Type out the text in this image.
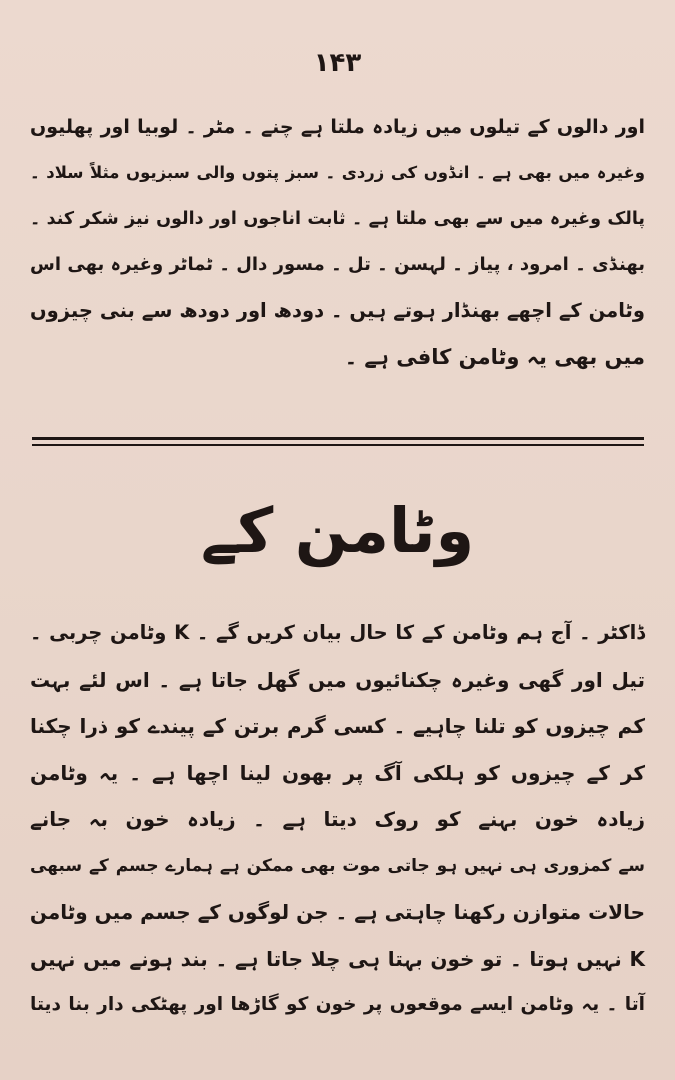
۱۴۳
اور دالوں کے تیلوں میں زیادہ ملتا ہے چنے ۔ مٹر ۔ لوبیا اور پھلیوں
وغیرہ میں بھی ہے ۔ انڈوں کی زردی ۔ سبز پتوں والی سبزیوں مثلاً سلاد ۔
پالک وغیرہ میں سے بھی ملتا ہے ۔ ثابت اناجوں اور دالوں نیز شکر کند ۔
بھنڈی ۔ امرود ، پیاز ۔ لہسن ۔ تل ۔ مسور دال ۔ ٹماٹر وغیرہ بھی اس
وٹامن کے اچھے بھنڈار ہوتے ہیں ۔ دودھ اور دودھ سے بنی چیزوں
میں بھی یہ وٹامن کافی ہے ۔
وٹامن کے
ڈاکٹر ۔ آج ہم وٹامن کے کا حال بیان کریں گے ۔ K وٹامن چربی ۔
تیل اور گھی وغیرہ چکنائیوں میں گھل جاتا ہے ۔ اس لئے بہت
کم چیزوں کو تلنا چاہیے ۔ کسی گرم برتن کے پیندے کو ذرا چکنا
کر کے چیزوں کو ہلکی آگ پر بھون لینا اچھا ہے ۔ یہ وٹامن
زیادہ خون بہنے کو روک دیتا ہے ۔ زیادہ خون بہ جانے
سے کمزوری ہی نہیں ہو جاتی موت بھی ممکن ہے ہمارے جسم کے سبھی
حالات متوازن رکھنا چاہتی ہے ۔ جن لوگوں کے جسم میں وٹامن
K نہیں ہوتا ۔ تو خون بہتا ہی چلا جاتا ہے ۔ بند ہونے میں نہیں
آتا ۔ یہ وٹامن ایسے موقعوں پر خون کو گاڑھا اور پھٹکی دار بنا دیتا
